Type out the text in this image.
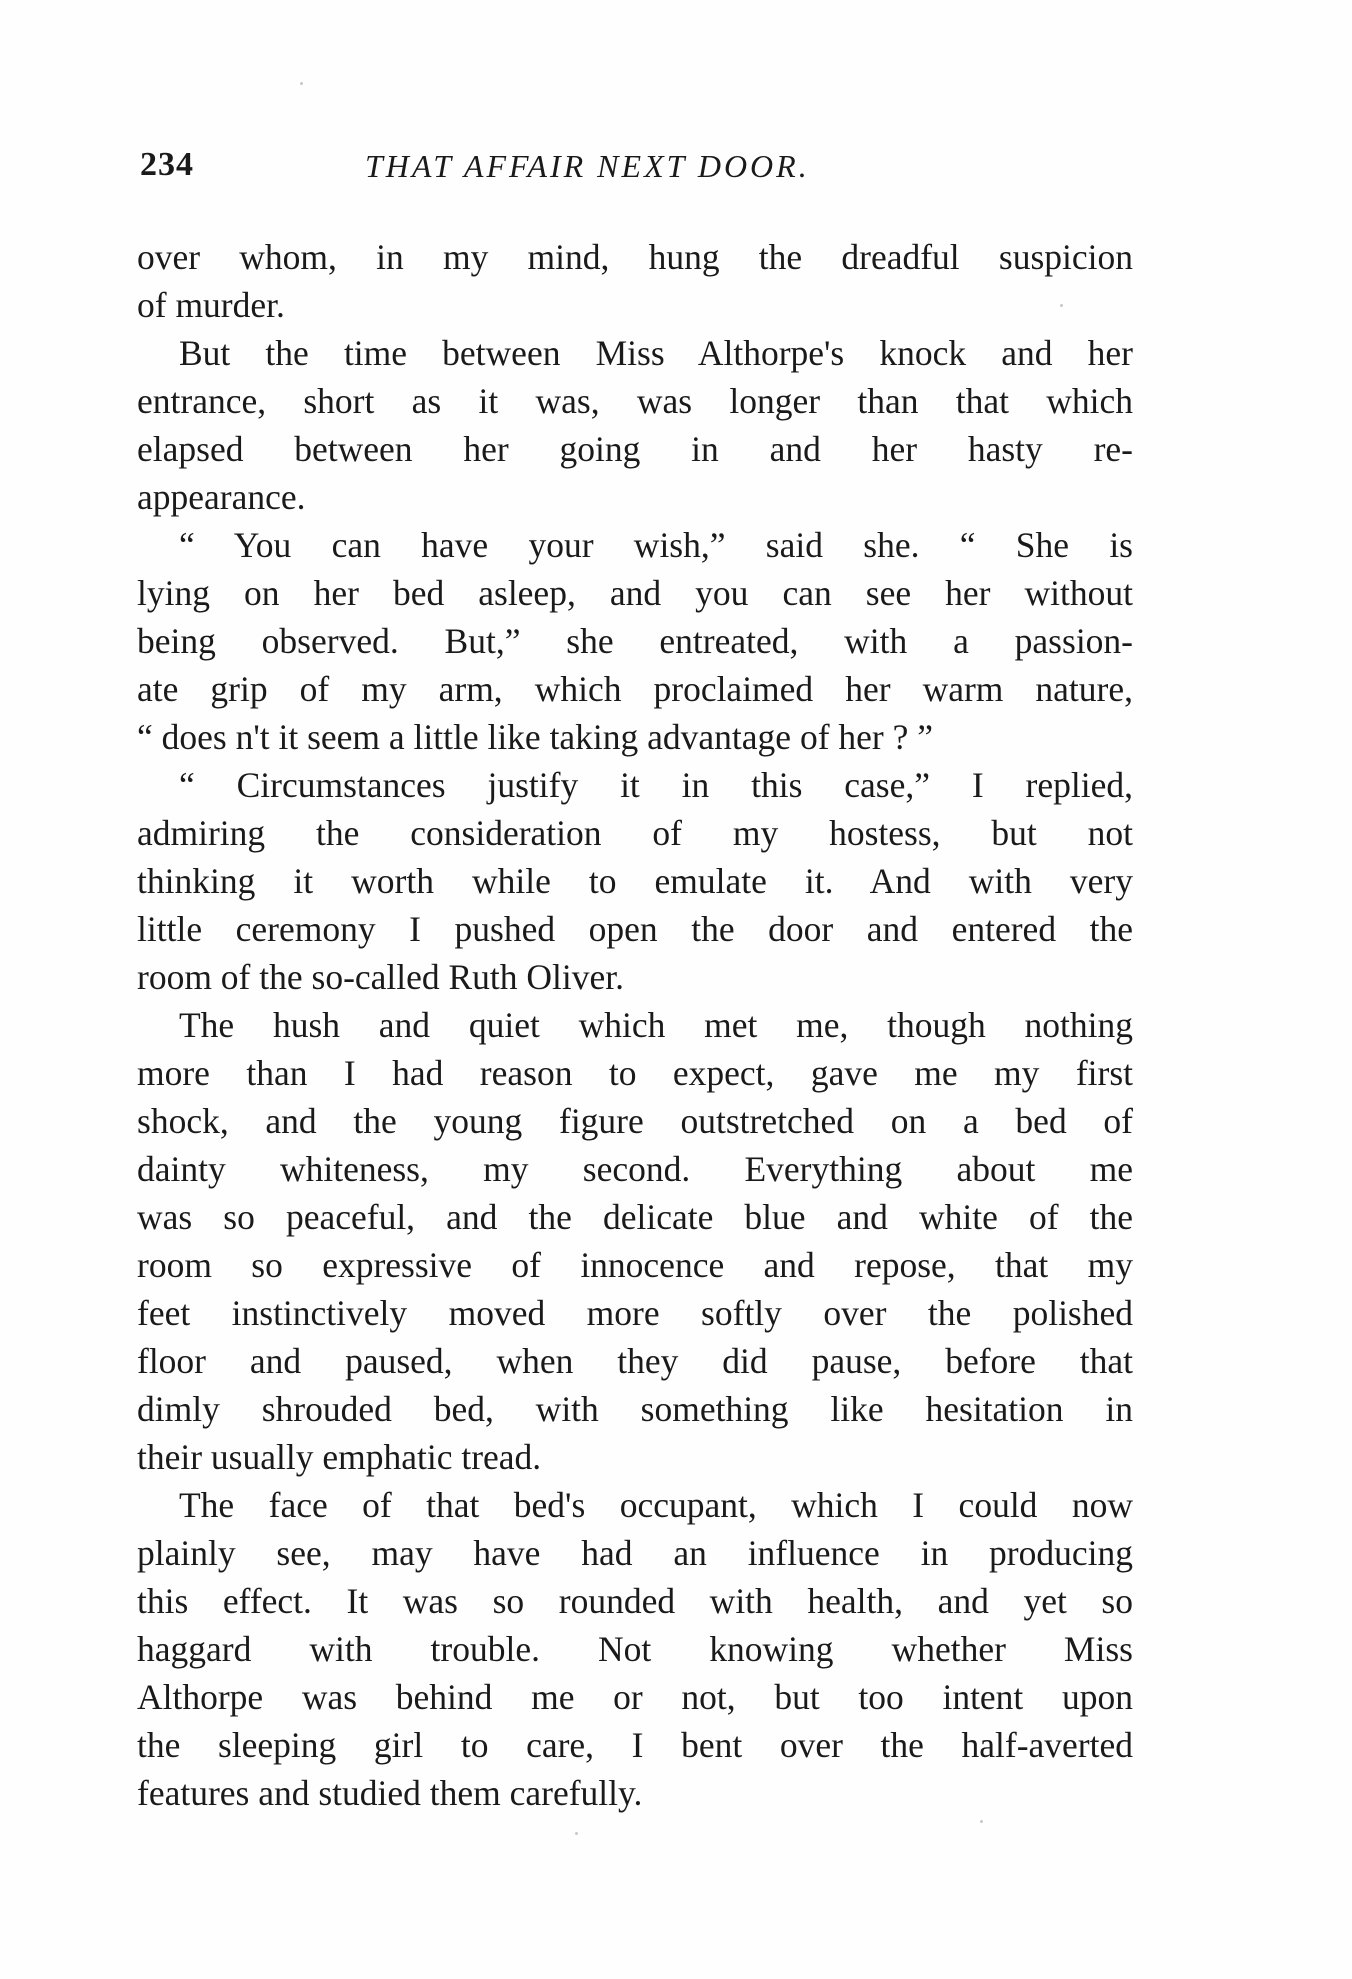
234	THAT AFFAIR NEXT DOOR.
over whom, in my mind, hung the dreadful suspicion
of murder.
But the time between Miss Althorpe's knock and her
entrance, short as it was, was longer than that which
elapsed between her going in and her hasty re-
appearance.
“ You can have your wish,” said she. “ She is
lying on her bed asleep, and you can see her without
being observed. But,” she entreated, with a passion-
ate grip of my arm, which proclaimed her warm nature,
“ does n't it seem a little like taking advantage of her ? ”
“ Circumstances justify it in this case,” I replied,
admiring the consideration of my hostess, but not
thinking it worth while to emulate it. And with very
little ceremony I pushed open the door and entered the
room of the so-called Ruth Oliver.
The hush and quiet which met me, though nothing
more than I had reason to expect, gave me my first
shock, and the young figure outstretched on a bed of
dainty whiteness, my second. Everything about me
was so peaceful, and the delicate blue and white of the
room so expressive of innocence and repose, that my
feet instinctively moved more softly over the polished
floor and paused, when they did pause, before that
dimly shrouded bed, with something like hesitation in
their usually emphatic tread.
The face of that bed's occupant, which I could now
plainly see, may have had an influence in producing
this effect. It was so rounded with health, and yet so
haggard with trouble. Not knowing whether Miss
Althorpe was behind me or not, but too intent upon
the sleeping girl to care, I bent over the half-averted
features and studied them carefully.
